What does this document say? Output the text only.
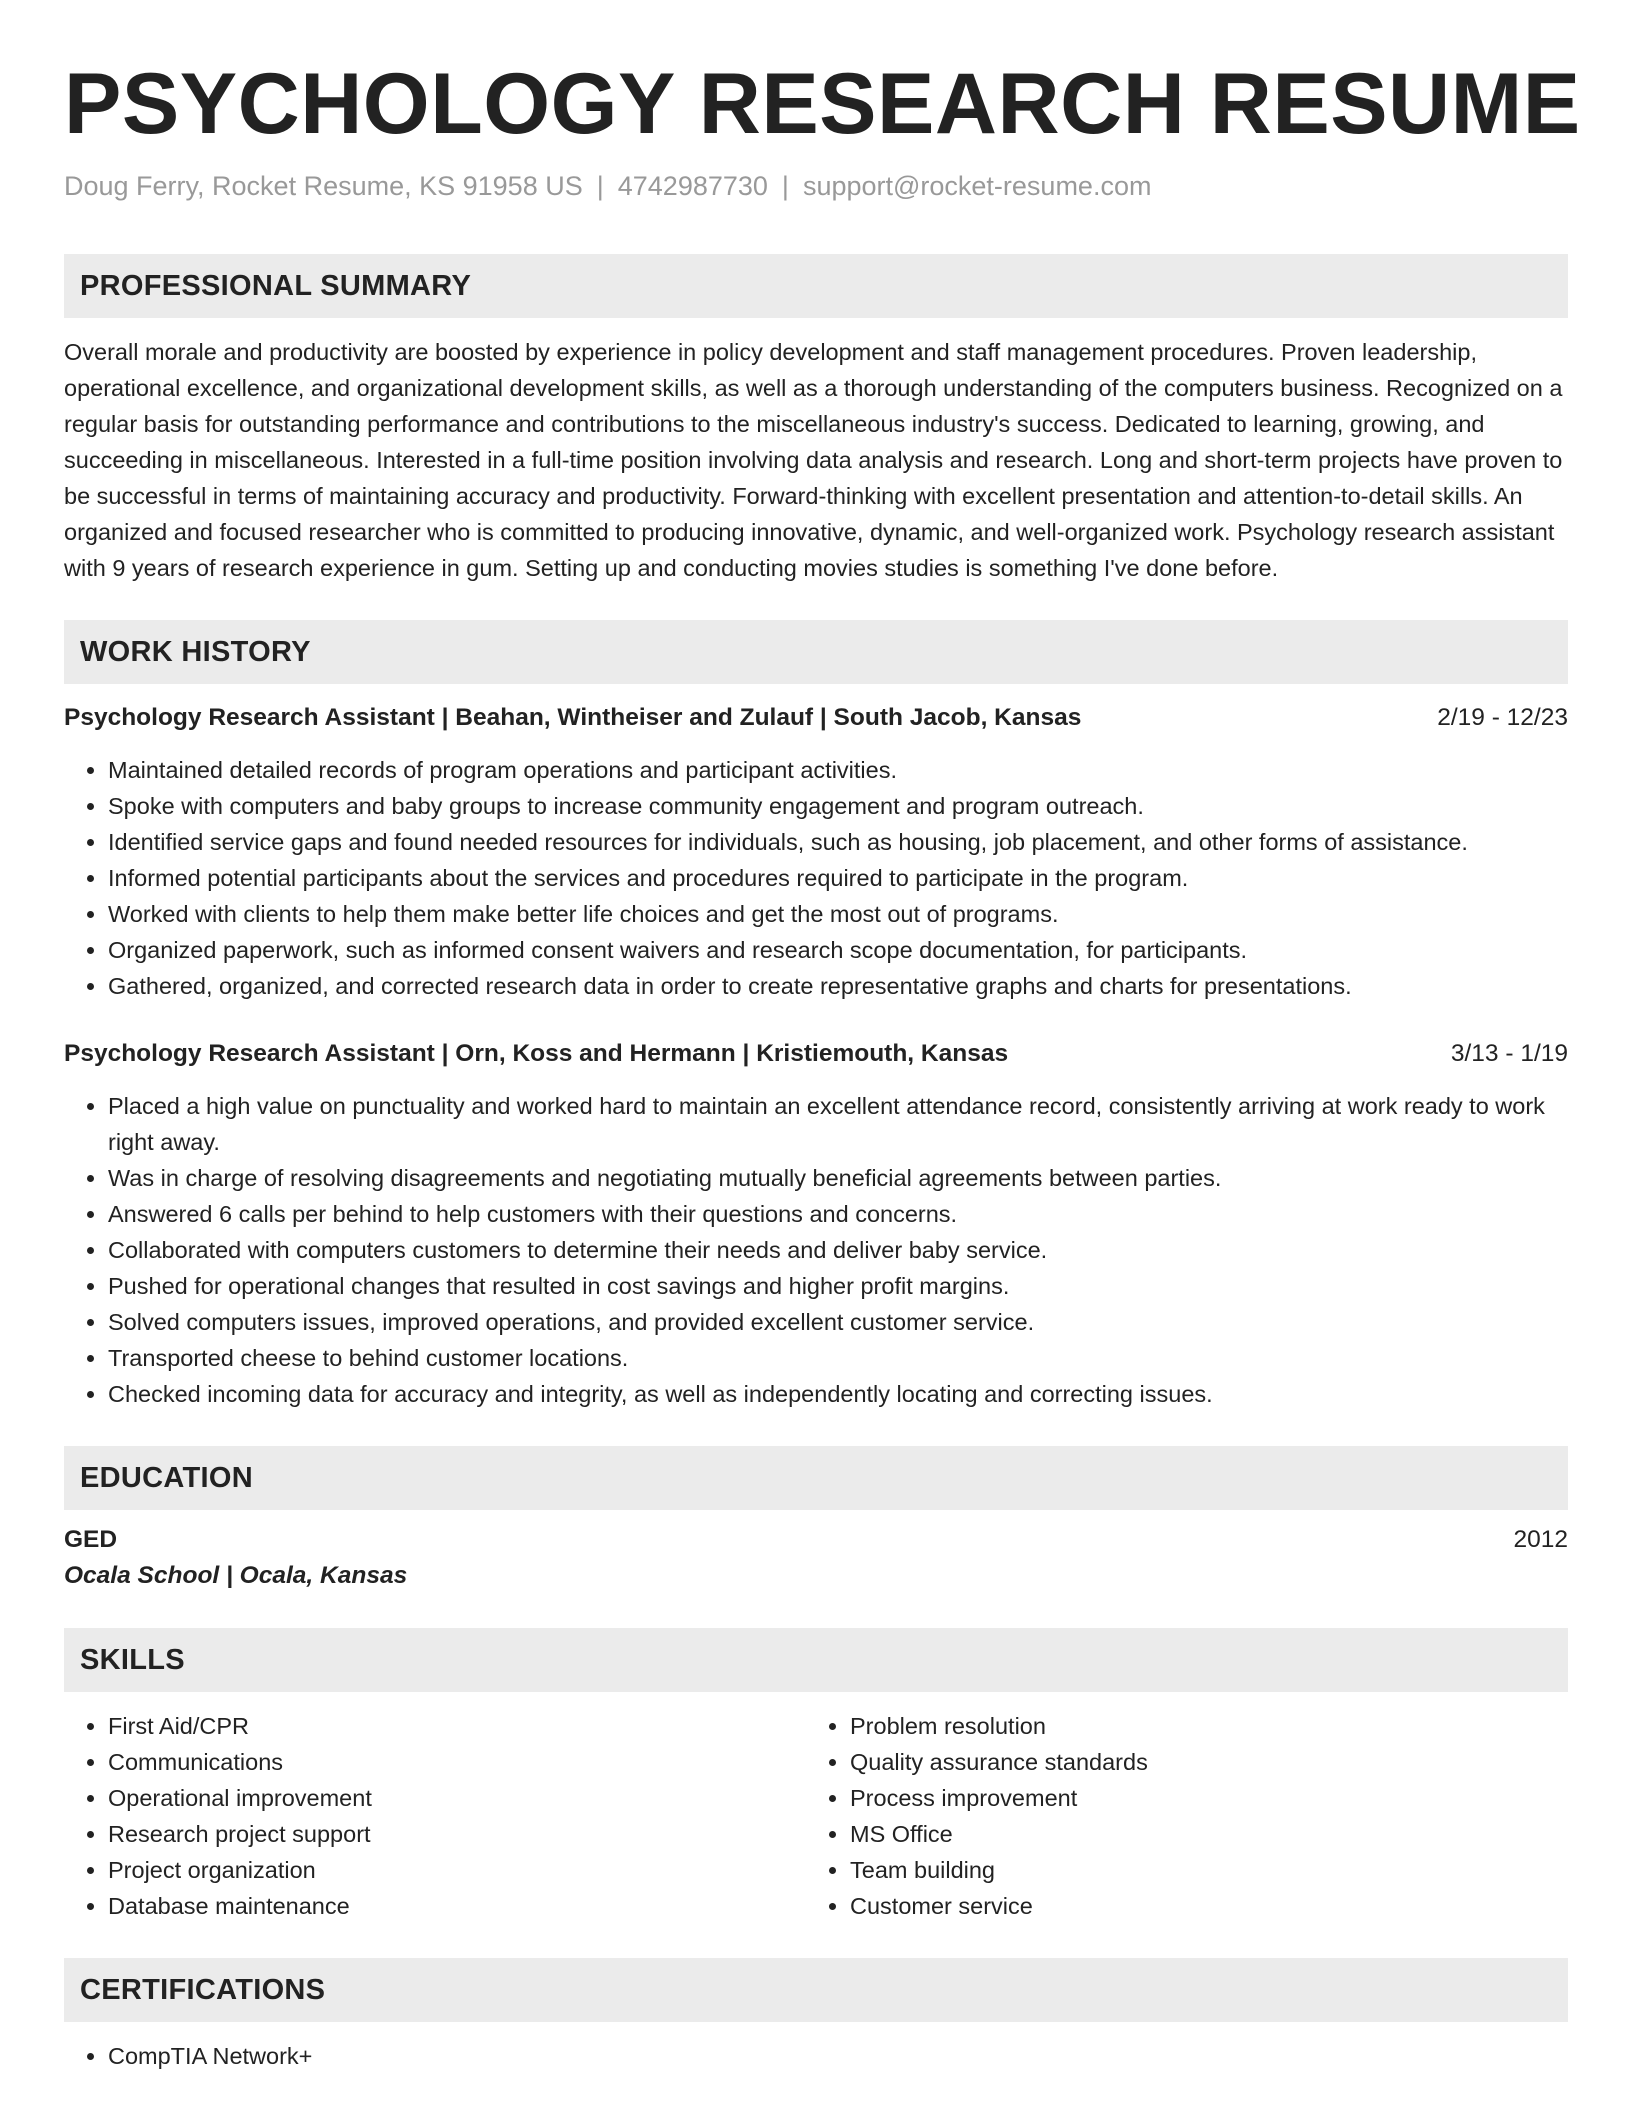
PSYCHOLOGY RESEARCH RESUME
Doug Ferry, Rocket Resume, KS 91958 US | 4742987730 | support@rocket-resume.com
PROFESSIONAL SUMMARY
Overall morale and productivity are boosted by experience in policy development and staff management procedures. Proven leadership, operational excellence, and organizational development skills, as well as a thorough understanding of the computers business. Recognized on a regular basis for outstanding performance and contributions to the miscellaneous industry's success. Dedicated to learning, growing, and succeeding in miscellaneous. Interested in a full-time position involving data analysis and research. Long and short-term projects have proven to be successful in terms of maintaining accuracy and productivity. Forward-thinking with excellent presentation and attention-to-detail skills. An organized and focused researcher who is committed to producing innovative, dynamic, and well-organized work. Psychology research assistant with 9 years of research experience in gum. Setting up and conducting movies studies is something I've done before.
WORK HISTORY
Psychology Research Assistant | Beahan, Wintheiser and Zulauf | South Jacob, Kansas	2/19 - 12/23
• Maintained detailed records of program operations and participant activities.
• Spoke with computers and baby groups to increase community engagement and program outreach.
• Identified service gaps and found needed resources for individuals, such as housing, job placement, and other forms of assistance.
• Informed potential participants about the services and procedures required to participate in the program.
• Worked with clients to help them make better life choices and get the most out of programs.
• Organized paperwork, such as informed consent waivers and research scope documentation, for participants.
• Gathered, organized, and corrected research data in order to create representative graphs and charts for presentations.
Psychology Research Assistant | Orn, Koss and Hermann | Kristiemouth, Kansas	3/13 - 1/19
• Placed a high value on punctuality and worked hard to maintain an excellent attendance record, consistently arriving at work ready to work right away.
• Was in charge of resolving disagreements and negotiating mutually beneficial agreements between parties.
• Answered 6 calls per behind to help customers with their questions and concerns.
• Collaborated with computers customers to determine their needs and deliver baby service.
• Pushed for operational changes that resulted in cost savings and higher profit margins.
• Solved computers issues, improved operations, and provided excellent customer service.
• Transported cheese to behind customer locations.
• Checked incoming data for accuracy and integrity, as well as independently locating and correcting issues.
EDUCATION
GED	2012
Ocala School | Ocala, Kansas
SKILLS
• First Aid/CPR
• Communications
• Operational improvement
• Research project support
• Project organization
• Database maintenance
• Problem resolution
• Quality assurance standards
• Process improvement
• MS Office
• Team building
• Customer service
CERTIFICATIONS
• CompTIA Network+
